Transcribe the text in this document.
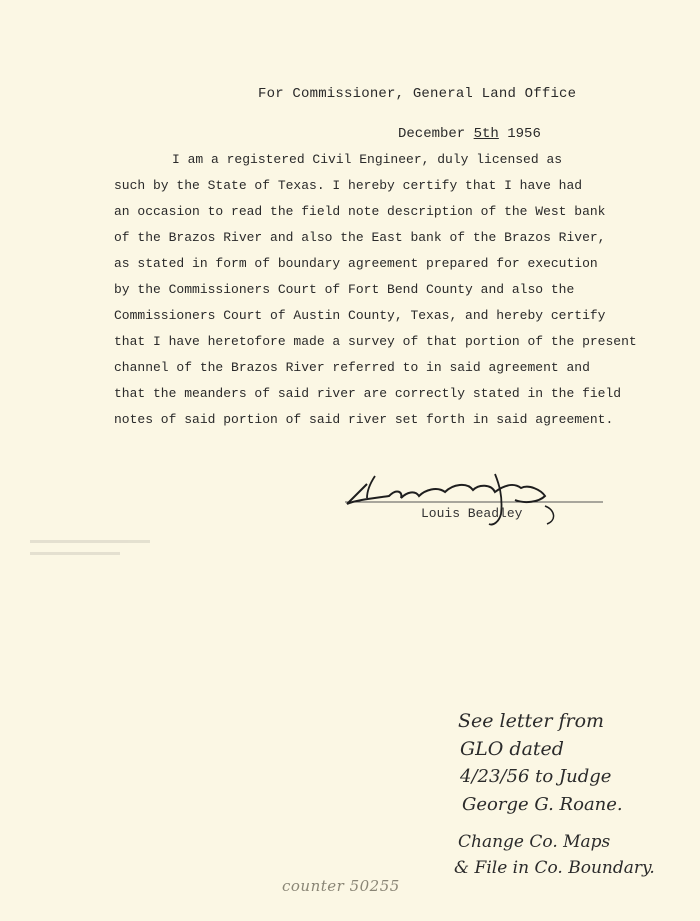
For Commissioner, General Land Office
December 5th 1956
I am a registered Civil Engineer, duly licensed as
such by the State of Texas. I hereby certify that I have had
an occasion to read the field note description of the West bank
of the Brazos River and also the East bank of the Brazos River,
as stated in form of boundary agreement prepared for execution
by the Commissioners Court of Fort Bend County and also the
Commissioners Court of Austin County, Texas, and hereby certify
that I have heretofore made a survey of that portion of the present
channel of the Brazos River referred to in said agreement and
that the meanders of said river are correctly stated in the field
notes of said portion of said river set forth in said agreement.
Louis Beadley
See letter from
GLO dated
4/23/56 to Judge
George G. Roane.
Change Co. Maps
& File in Co. Boundary.
counter 50255
